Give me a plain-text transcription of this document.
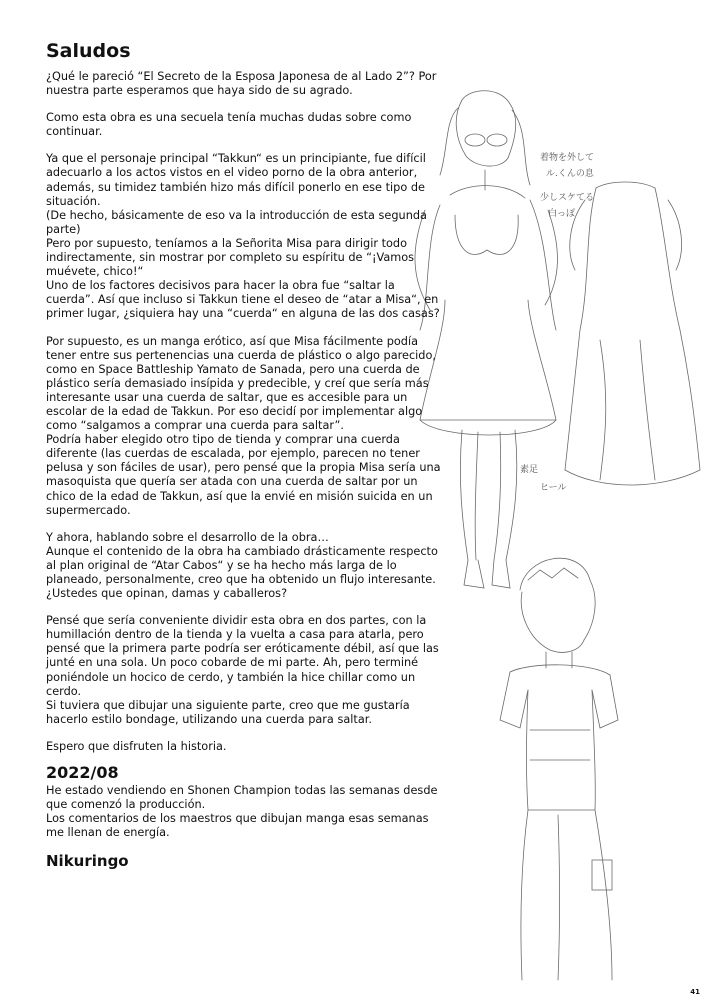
着物を外して
ル.くんの息
少しスケてる
白っぽ
素足
ヒール
Saludos

¿Qué le pareció “El Secreto de la Esposa Japonesa de al Lado 2”? Por nuestra parte esperamos que haya sido de su agrado.

Como esta obra es una secuela tenía muchas dudas sobre como continuar.

Ya que el personaje principal “Takkun“ es un principiante, fue difícil adecuarlo a los actos vistos en el video porno de la obra anterior, además, su timidez también hizo más difícil ponerlo en ese tipo de situación.
(De hecho, básicamente de eso va la introducción de esta segunda parte)
Pero por supuesto, teníamos a la Señorita Misa para dirigir todo indirectamente, sin mostrar por completo su espíritu de “¡Vamos muévete, chico!“
Uno de los factores decisivos para hacer la obra fue “saltar la cuerda”. Así que incluso si Takkun tiene el deseo de “atar a Misa“, en primer lugar, ¿siquiera hay una “cuerda“ en alguna de las dos casas?

Por supuesto, es un manga erótico, así que Misa fácilmente podía tener entre sus pertenencias una cuerda de plástico o algo parecido, como en Space Battleship Yamato de Sanada, pero una cuerda de plástico sería demasiado insípida y predecible, y creí que sería más interesante usar una cuerda de saltar, que es accesible para un escolar de la edad de Takkun. Por eso decidí por implementar algo como “salgamos a comprar una cuerda para saltar”.
Podría haber elegido otro tipo de tienda y comprar una cuerda diferente (las cuerdas de escalada, por ejemplo, parecen no tener pelusa y son fáciles de usar), pero pensé que la propia Misa sería una masoquista que quería ser atada con una cuerda de saltar por un chico de la edad de Takkun, así que la envié en misión suicida en un supermercado.

Y ahora, hablando sobre el desarrollo de la obra…
Aunque el contenido de la obra ha cambiado drásticamente respecto al plan original de “Atar Cabos“ y se ha hecho más larga de lo planeado, personalmente, creo que ha obtenido un flujo interesante. ¿Ustedes que opinan, damas y caballeros?

Pensé que sería conveniente dividir esta obra en dos partes, con la humillación dentro de la tienda y la vuelta a casa para atarla, pero pensé que la primera parte podría ser eróticamente débil, así que las junté en una sola. Un poco cobarde de mi parte. Ah, pero terminé poniéndole un hocico de cerdo, y también la hice chillar como un cerdo.
Si tuviera que dibujar una siguiente parte, creo que me gustaría hacerlo estilo bondage, utilizando una cuerda para saltar.

Espero que disfruten la historia.

2022/08

He estado vendiendo en Shonen Champion todas las semanas desde que comenzó la producción.
Los comentarios de los maestros que dibujan manga esas semanas me llenan de energía.

Nikuringo
41
